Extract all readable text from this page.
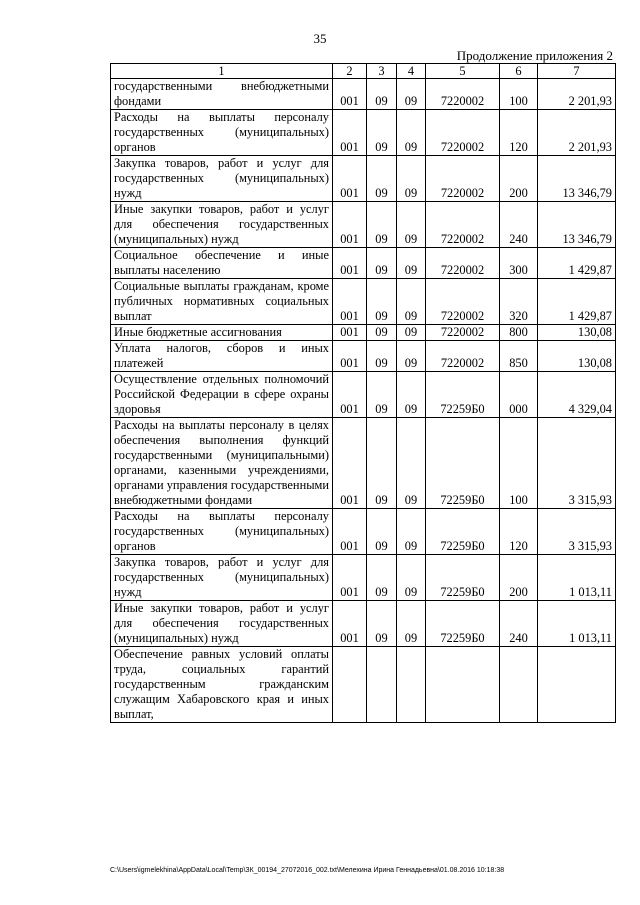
35
Продолжение приложения 2
1	2	3	4	5	6	7
государственными внебюджетными фондами	001	09	09	7220002	100	2 201,93
Расходы на выплаты персоналу государственных (муниципальных) органов	001	09	09	7220002	120	2 201,93
Закупка товаров, работ и услуг для государственных (муниципальных) нужд	001	09	09	7220002	200	13 346,79
Иные закупки товаров, работ и услуг для обеспечения государственных (муниципальных) нужд	001	09	09	7220002	240	13 346,79
Социальное обеспечение и иные выплаты населению	001	09	09	7220002	300	1 429,87
Социальные выплаты гражданам, кроме публичных нормативных социальных выплат	001	09	09	7220002	320	1 429,87
Иные бюджетные ассигнования	001	09	09	7220002	800	130,08
Уплата налогов, сборов и иных платежей	001	09	09	7220002	850	130,08
Осуществление отдельных полномочий Российской Федерации в сфере охраны здоровья	001	09	09	72259Б0	000	4 329,04
Расходы на выплаты персоналу в целях обеспечения выполнения функций государственными (муниципальными) органами, казенными учреждениями, органами управления государственными внебюджетными фондами	001	09	09	72259Б0	100	3 315,93
Расходы на выплаты персоналу государственных (муниципальных) органов	001	09	09	72259Б0	120	3 315,93
Закупка товаров, работ и услуг для государственных (муниципальных) нужд	001	09	09	72259Б0	200	1 013,11
Иные закупки товаров, работ и услуг для обеспечения государственных (муниципальных) нужд	001	09	09	72259Б0	240	1 013,11
Обеспечение равных условий оплаты труда, социальных гарантий государственным гражданским служащим Хабаровского края и иных выплат,						
C:\Users\igmelekhina\AppData\Local\Temp\ЗК_00194_27072016_002.txt\Мелехина Ирина Геннадьевна\01.08.2016 10:18:38
